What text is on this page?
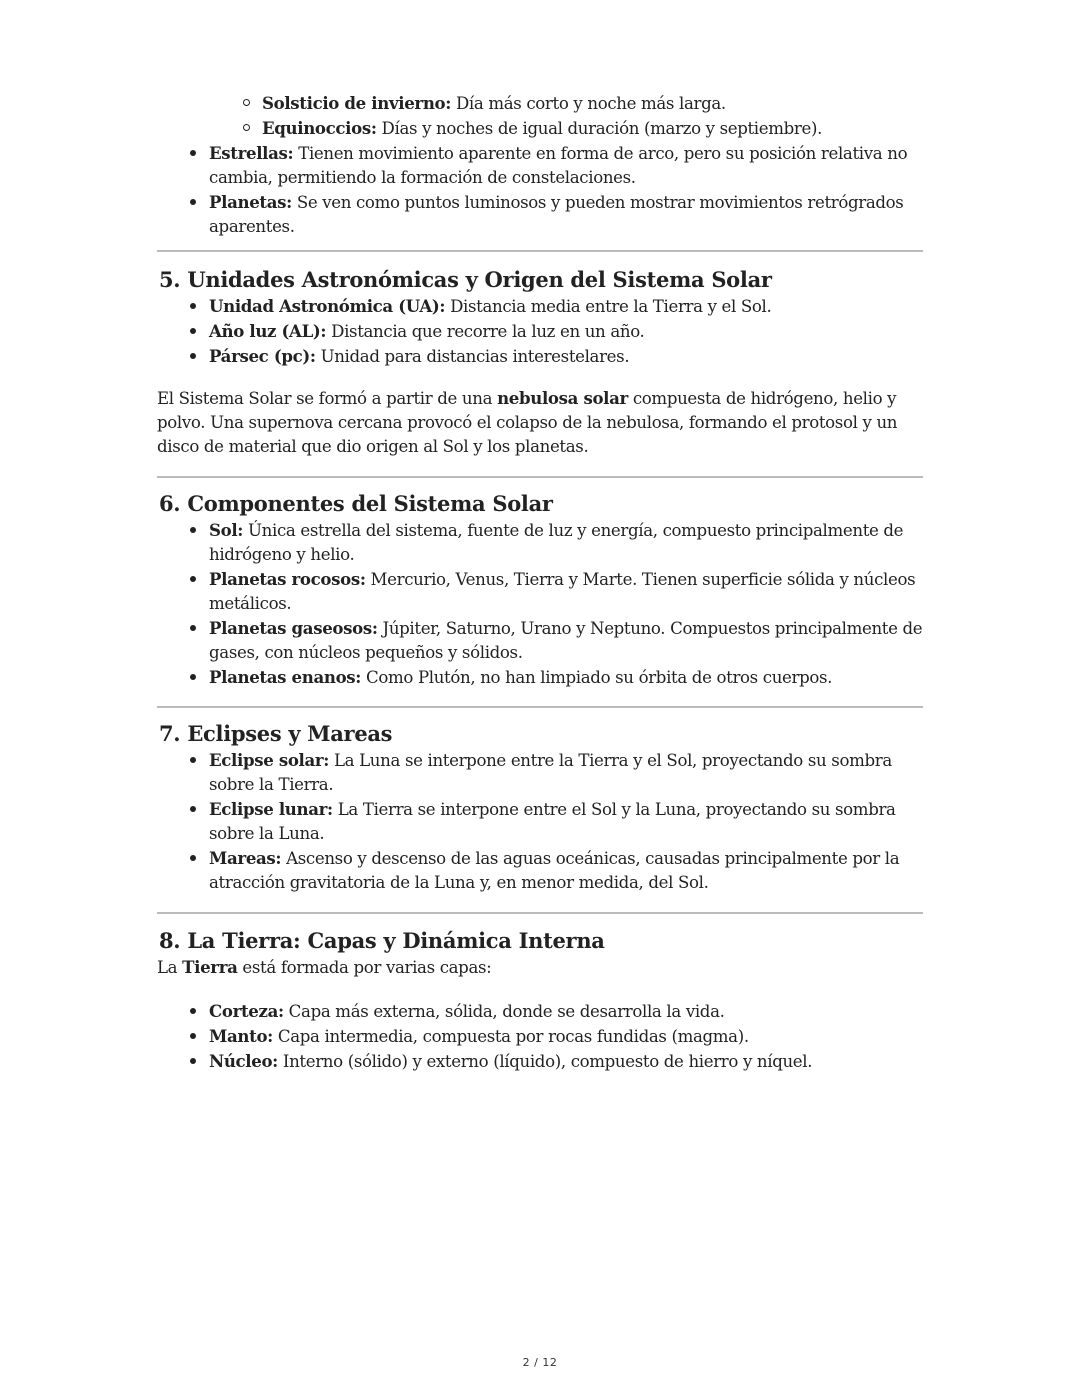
Solsticio de invierno: Día más corto y noche más larga.
Equinoccios: Días y noches de igual duración (marzo y septiembre).
Estrellas: Tienen movimiento aparente en forma de arco, pero su posición relativa no cambia, permitiendo la formación de constelaciones.
Planetas: Se ven como puntos luminosos y pueden mostrar movimientos retrógrados aparentes.
5. Unidades Astronómicas y Origen del Sistema Solar
Unidad Astronómica (UA): Distancia media entre la Tierra y el Sol.
Año luz (AL): Distancia que recorre la luz en un año.
Pársec (pc): Unidad para distancias interestelares.

El Sistema Solar se formó a partir de una nebulosa solar compuesta de hidrógeno, helio y polvo. Una supernova cercana provocó el colapso de la nebulosa, formando el protosol y un disco de material que dio origen al Sol y los planetas.

6. Componentes del Sistema Solar
Sol: Única estrella del sistema, fuente de luz y energía, compuesto principalmente de hidrógeno y helio.
Planetas rocosos: Mercurio, Venus, Tierra y Marte. Tienen superficie sólida y núcleos metálicos.
Planetas gaseosos: Júpiter, Saturno, Urano y Neptuno. Compuestos principalmente de gases, con núcleos pequeños y sólidos.
Planetas enanos: Como Plutón, no han limpiado su órbita de otros cuerpos.
7. Eclipses y Mareas
Eclipse solar: La Luna se interpone entre la Tierra y el Sol, proyectando su sombra sobre la Tierra.
Eclipse lunar: La Tierra se interpone entre el Sol y la Luna, proyectando su sombra sobre la Luna.
Mareas: Ascenso y descenso de las aguas oceánicas, causadas principalmente por la atracción gravitatoria de la Luna y, en menor medida, del Sol.
8. La Tierra: Capas y Dinámica Interna

La Tierra está formada por varias capas:

Corteza: Capa más externa, sólida, donde se desarrolla la vida.
Manto: Capa intermedia, compuesta por rocas fundidas (magma).
Núcleo: Interno (sólido) y externo (líquido), compuesto de hierro y níquel.
2 / 12
